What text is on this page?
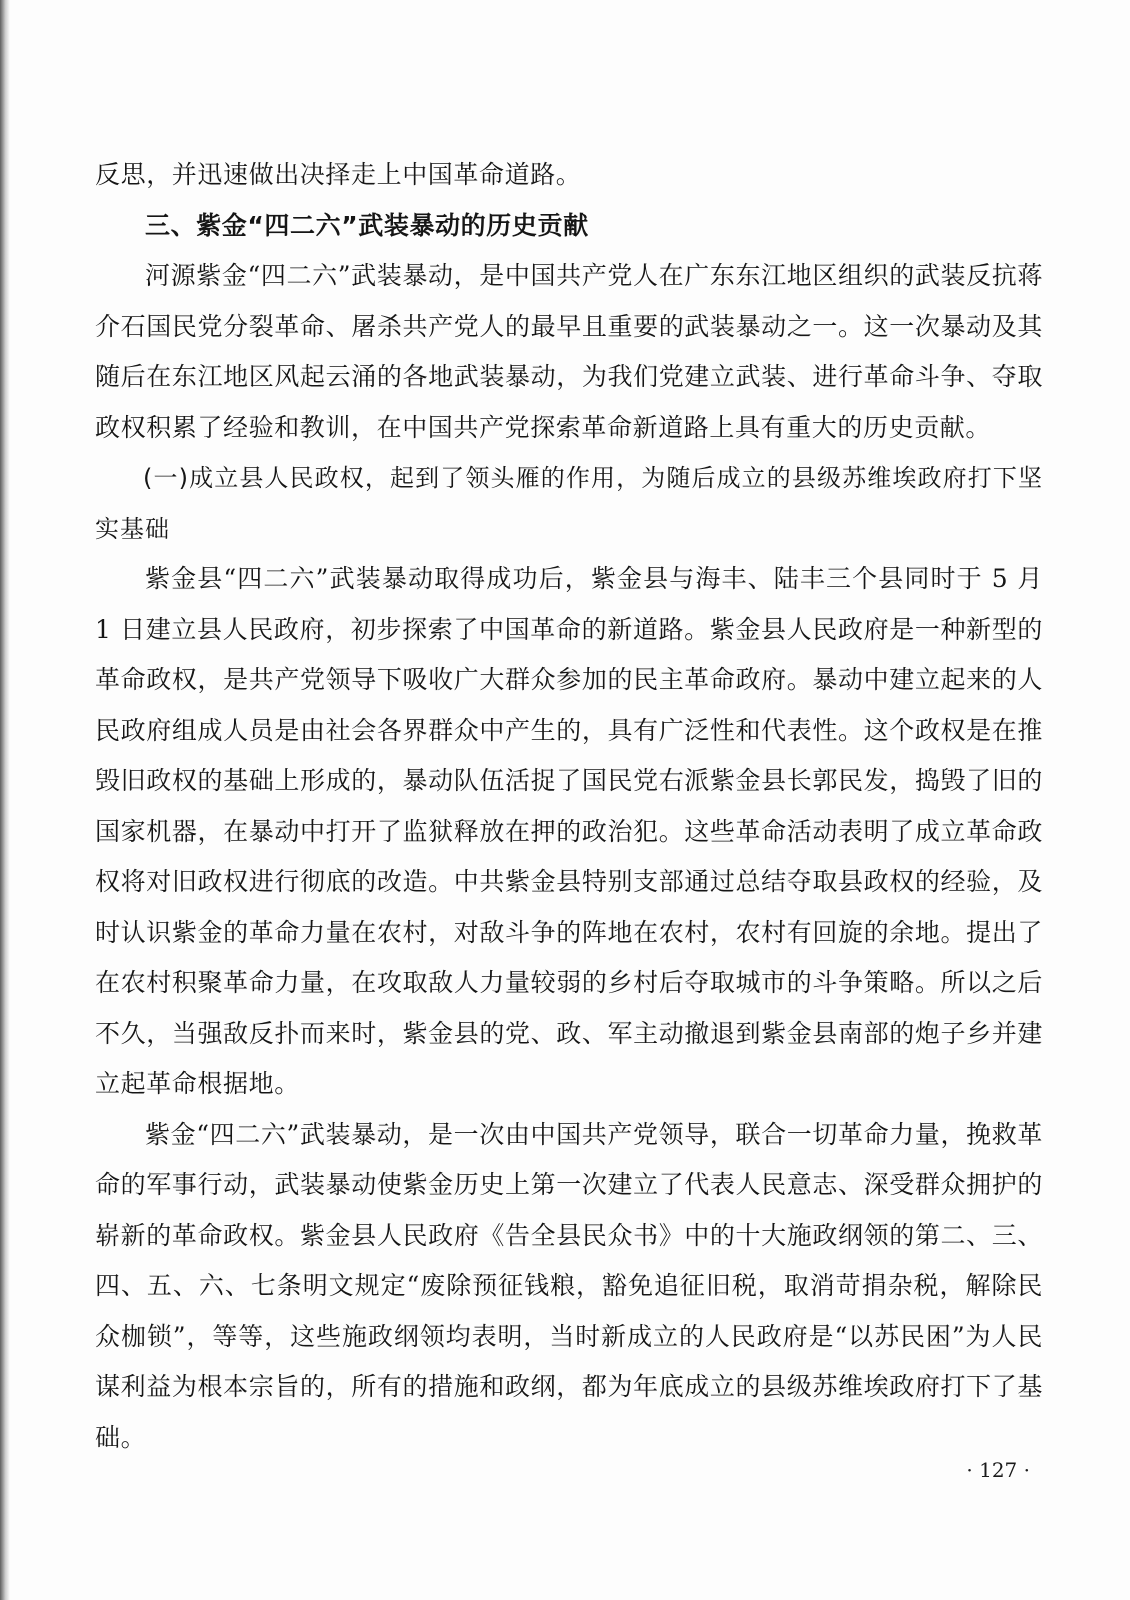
反思，并迅速做出决择走上中国革命道路。

三、紫金“四二六”武装暴动的历史贡献

河源紫金“四二六”武装暴动，是中国共产党人在广东东江地区组织的武装反抗蒋介石国民党分裂革命、屠杀共产党人的最早且重要的武装暴动之一。这一次暴动及其随后在东江地区风起云涌的各地武装暴动，为我们党建立武装、进行革命斗争、夺取政权积累了经验和教训，在中国共产党探索革命新道路上具有重大的历史贡献。

(一)成立县人民政权，起到了领头雁的作用，为随后成立的县级苏维埃政府打下坚实基础

紫金县“四二六”武装暴动取得成功后，紫金县与海丰、陆丰三个县同时于 5 月 1 日建立县人民政府，初步探索了中国革命的新道路。紫金县人民政府是一种新型的革命政权，是共产党领导下吸收广大群众参加的民主革命政府。暴动中建立起来的人民政府组成人员是由社会各界群众中产生的，具有广泛性和代表性。这个政权是在推毁旧政权的基础上形成的，暴动队伍活捉了国民党右派紫金县长郭民发，捣毁了旧的国家机器，在暴动中打开了监狱释放在押的政治犯。这些革命活动表明了成立革命政权将对旧政权进行彻底的改造。中共紫金县特别支部通过总结夺取县政权的经验，及时认识紫金的革命力量在农村，对敌斗争的阵地在农村，农村有回旋的余地。提出了在农村积聚革命力量，在攻取敌人力量较弱的乡村后夺取城市的斗争策略。所以之后不久，当强敌反扑而来时，紫金县的党、政、军主动撤退到紫金县南部的炮子乡并建立起革命根据地。

紫金“四二六”武装暴动，是一次由中国共产党领导，联合一切革命力量，挽救革命的军事行动，武装暴动使紫金历史上第一次建立了代表人民意志、深受群众拥护的崭新的革命政权。紫金县人民政府《告全县民众书》中的十大施政纲领的第二、三、四、五、六、七条明文规定“废除预征钱粮，豁免追征旧税，取消苛捐杂税，解除民众枷锁”，等等，这些施政纲领均表明，当时新成立的人民政府是“以苏民困”为人民谋利益为根本宗旨的，所有的措施和政纲，都为年底成立的县级苏维埃政府打下了基础。

· 127 ·
